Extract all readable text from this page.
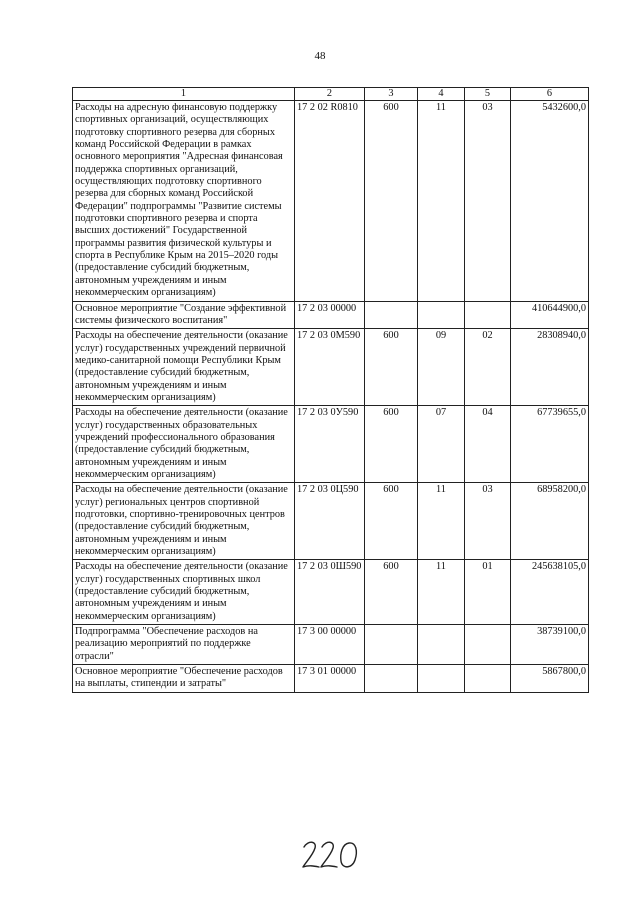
48
1	2	3	4	5	6
Расходы на адресную финансовую поддержку спортивных организаций, осуществляющих подготовку спортивного резерва для сборных команд Российской Федерации в рамках основного мероприятия "Адресная финансовая поддержка спортивных организаций, осуществляющих подготовку спортивного резерва для сборных команд Российской Федерации" подпрограммы "Развитие системы подготовки спортивного резерва и спорта высших достижений" Государственной программы развития физической культуры и спорта в Республике Крым на 2015–2020 годы (предоставление субсидий бюджетным, автономным учреждениям и иным некоммерческим организациям)	17 2 02 R0810	600	11	03	5432600,0
Основное мероприятие "Создание эффективной системы физического воспитания"	17 2 03 00000				410644900,0
Расходы на обеспечение деятельности (оказание услуг) государственных учреждений первичной медико-санитарной помощи Республики Крым (предоставление субсидий бюджетным, автономным учреждениям и иным некоммерческим организациям)	17 2 03 0М590	600	09	02	28308940,0
Расходы на обеспечение деятельности (оказание услуг) государственных образовательных учреждений профессионального образования (предоставление субсидий бюджетным, автономным учреждениям и иным некоммерческим организациям)	17 2 03 0У590	600	07	04	67739655,0
Расходы на обеспечение деятельности (оказание услуг) региональных центров спортивной подготовки, спортивно-тренировочных центров (предоставление субсидий бюджетным, автономным учреждениям и иным некоммерческим организациям)	17 2 03 0Ц590	600	11	03	68958200,0
Расходы на обеспечение деятельности (оказание услуг) государственных спортивных школ (предоставление субсидий бюджетным, автономным учреждениям и иным некоммерческим организациям)	17 2 03 0Ш590	600	11	01	245638105,0
Подпрограмма "Обеспечение расходов на реализацию мероприятий по поддержке отрасли"	17 3 00 00000				38739100,0
Основное мероприятие "Обеспечение расходов на выплаты, стипендии и затраты"	17 3 01 00000				5867800,0
